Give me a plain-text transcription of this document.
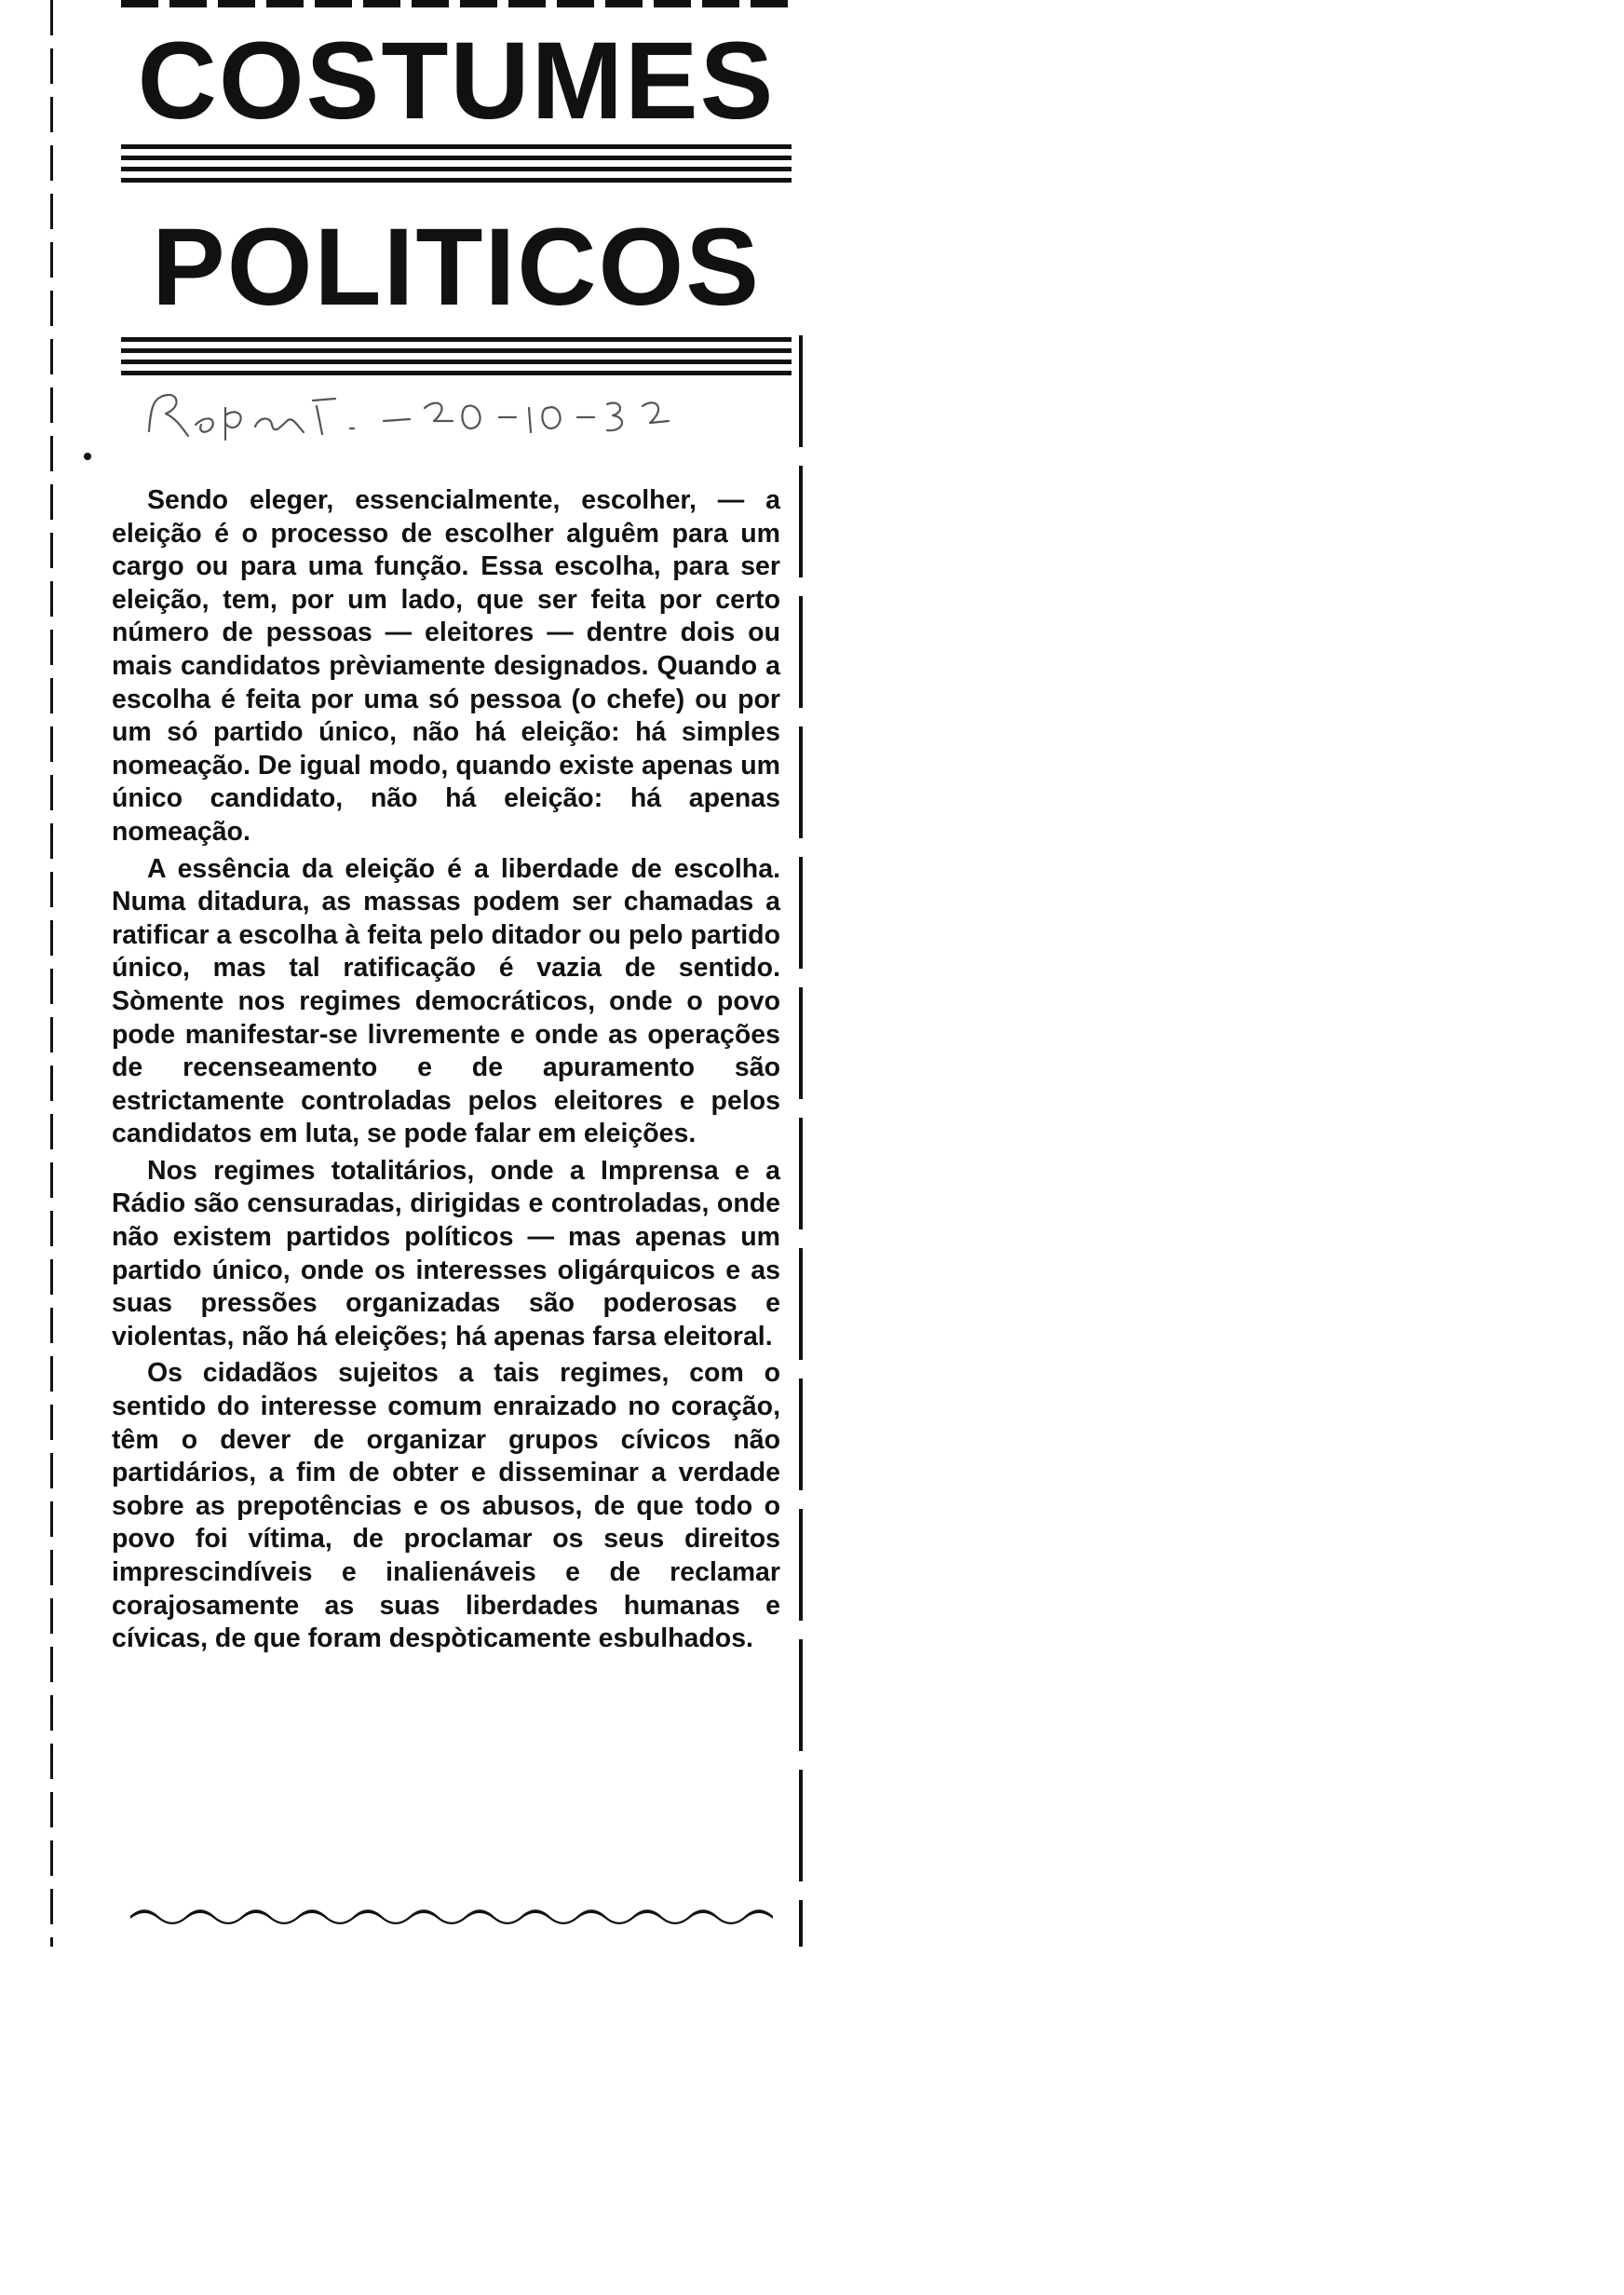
COSTUMES
POLITICOS

Sendo eleger, essencialmente, escolher, — a eleição é o processo de escolher alguêm para um cargo ou para uma função. Essa escolha, para ser eleição, tem, por um lado, que ser feita por certo número de pessoas — eleitores — dentre dois ou mais candidatos prèviamente designados. Quando a escolha é feita por uma só pessoa (o chefe) ou por um só partido único, não há eleição: há simples nomeação. De igual modo, quando existe apenas um único candidato, não há eleição: há apenas nomeação.

A essência da eleição é a liberdade de escolha. Numa ditadura, as massas podem ser chamadas a ratificar a escolha à feita pelo ditador ou pelo partido único, mas tal ratificação é vazia de sentido. Sòmente nos regimes democráticos, onde o povo pode manifestar-se livremente e onde as operações de recenseamento e de apuramento são estrictamente controladas pelos eleitores e pelos candidatos em luta, se pode falar em eleições.

Nos regimes totalitários, onde a Imprensa e a Rádio são censuradas, dirigidas e controladas, onde não existem partidos políticos — mas apenas um partido único, onde os interesses oligárquicos e as suas pressões organizadas são poderosas e violentas, não há eleições; há apenas farsa eleitoral.

Os cidadãos sujeitos a tais regimes, com o sentido do interesse comum enraizado no coração, têm o dever de organizar grupos cívicos não partidários, a fim de obter e disseminar a verdade sobre as prepotências e os abusos, de que todo o povo foi vítima, de proclamar os seus direitos imprescindíveis e inalienáveis e de reclamar corajosamente as suas liberdades humanas e cívicas, de que foram despòticamente esbulhados.
